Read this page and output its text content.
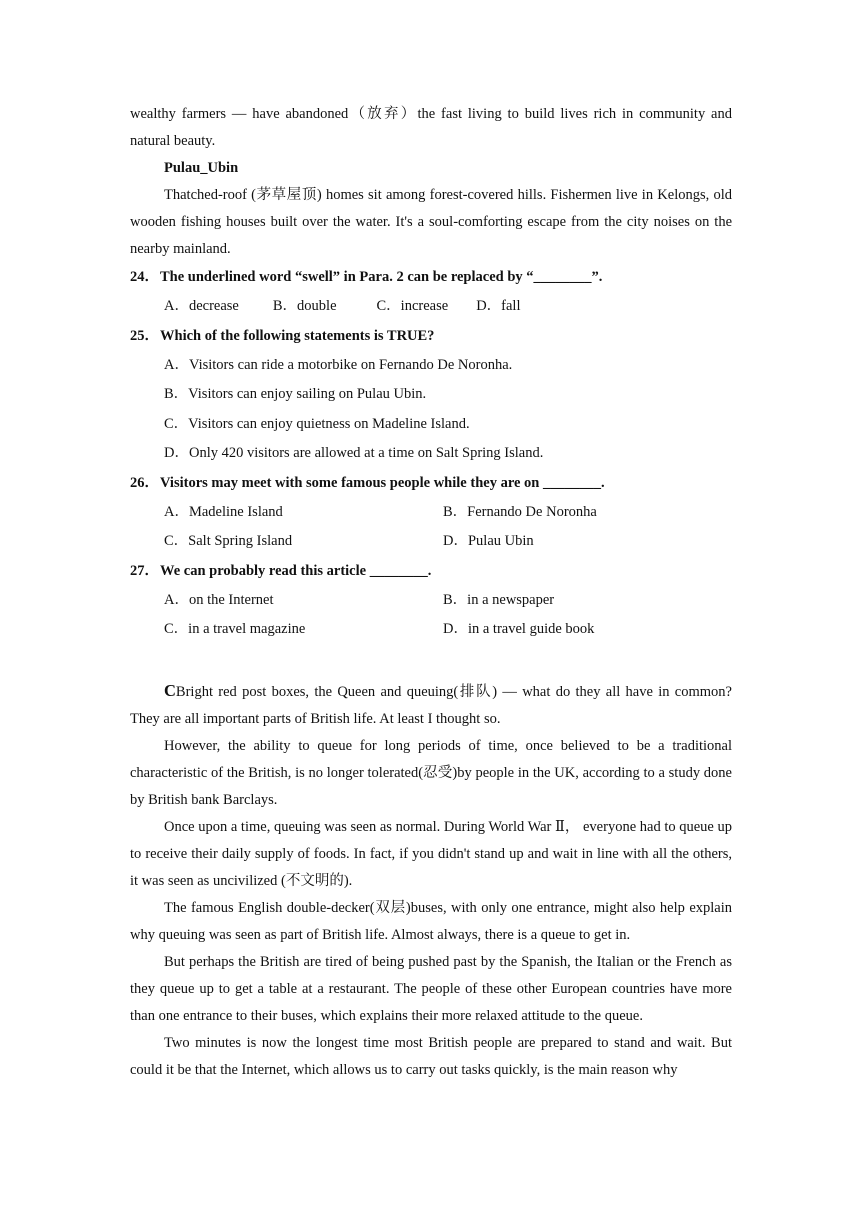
wealthy farmers — have abandoned（放弃）the fast living to build lives rich in community and natural beauty.

Pulau_Ubin

Thatched-roof (茅草屋顶) homes sit among forest-covered hills. Fishermen live in Kelongs, old wooden fishing houses built over the water. It's a soul-comforting escape from the city noises on the nearby mainland.

24．The underlined word “swell” in Para. 2 can be replaced by “________”.

A．decrease B．double	C．increase D．fall

25．Which of the following statements is TRUE?

A．Visitors can ride a motorbike on Fernando De Noronha.
B．Visitors can enjoy sailing on Pulau Ubin.
C．Visitors can enjoy quietness on Madeline Island.
D．Only 420 visitors are allowed at a time on Salt Spring Island.

26．Visitors may meet with some famous people while they are on ________.

A．Madeline Island	B．Fernando De Noronha
C．Salt Spring Island	D．Pulau Ubin

27．We can probably read this article ________.

A．on the Internet	B．in a newspaper
C．in a travel magazine	D．in a travel guide book

CBright red post boxes, the Queen and queuing(排队) — what do they all have in common? They are all important parts of British life. At least I thought so.

However, the ability to queue for long periods of time, once believed to be a traditional characteristic of the British, is no longer tolerated(忍受)by people in the UK, according to a study done by British bank Barclays.

Once upon a time, queuing was seen as normal. During World War Ⅱ， everyone had to queue up to receive their daily supply of foods. In fact, if you didn't stand up and wait in line with all the others, it was seen as uncivilized (不文明的).

The famous English double-decker(双层)buses, with only one entrance, might also help explain why queuing was seen as part of British life. Almost always, there is a queue to get in.

But perhaps the British are tired of being pushed past by the Spanish, the Italian or the French as they queue up to get a table at a restaurant. The people of these other European countries have more than one entrance to their buses, which explains their more relaxed attitude to the queue.

Two minutes is now the longest time most British people are prepared to stand and wait. But could it be that the Internet, which allows us to carry out tasks quickly, is the main reason why
